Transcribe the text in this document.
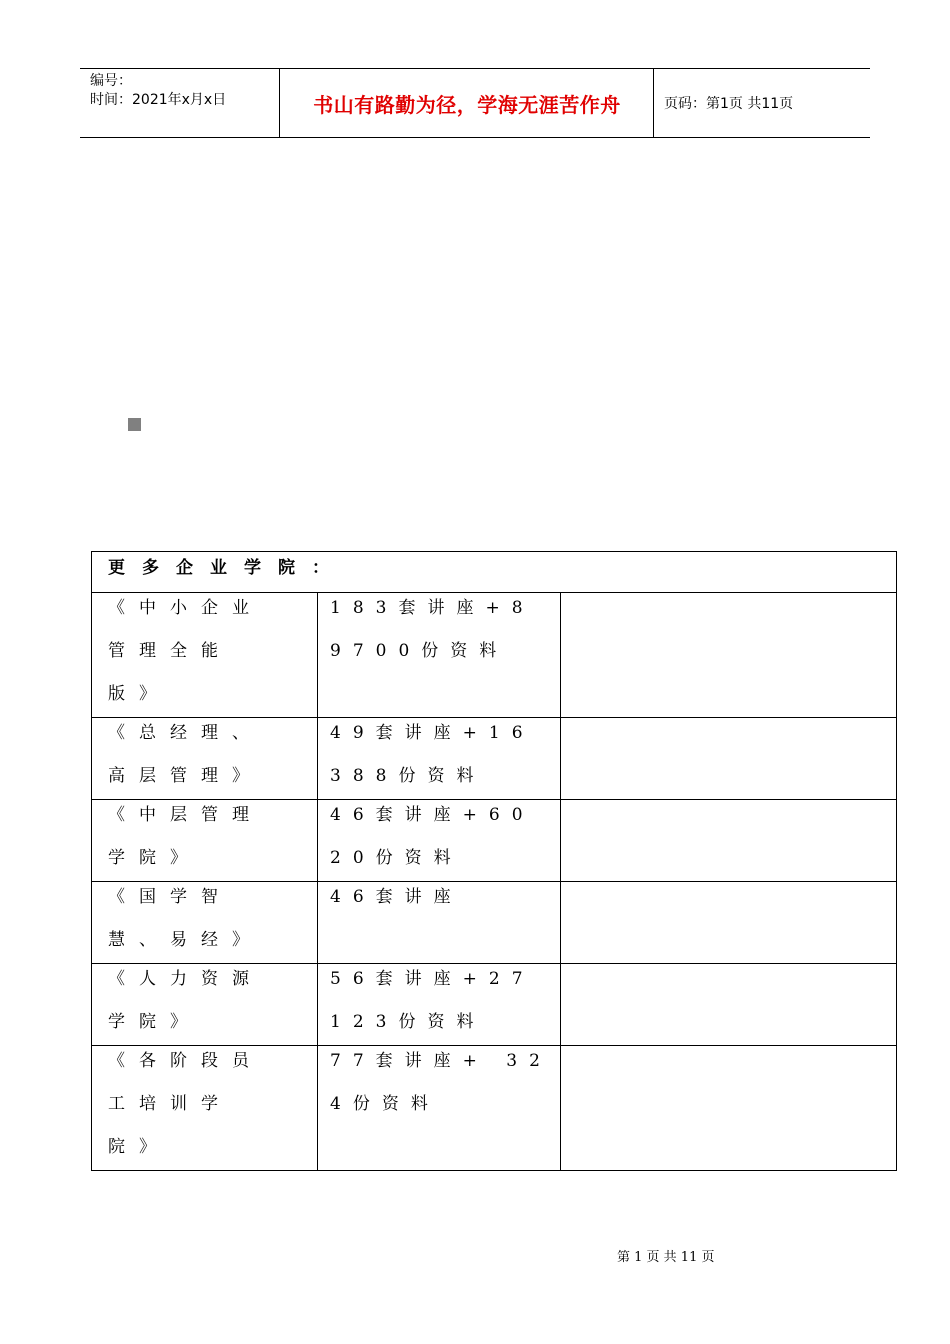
编号：
时间：2021年x月x日	书山有路勤为径，学海无涯苦作舟	页码：第1页 共11页
更多企业学院：		

《中小企业管理全能版》	183套讲座+89700份资料	

《总经理、高层管理》	49套讲座+16388份资料	

《中层管理学院》	46套讲座+6020份资料	

《国学智慧、易经》	46套讲座	

《人力资源学院》	56套讲座+27123份资料	

《各阶段员工培训学院》	77套讲座+ 324份资料	

第 1 页 共 11 页
